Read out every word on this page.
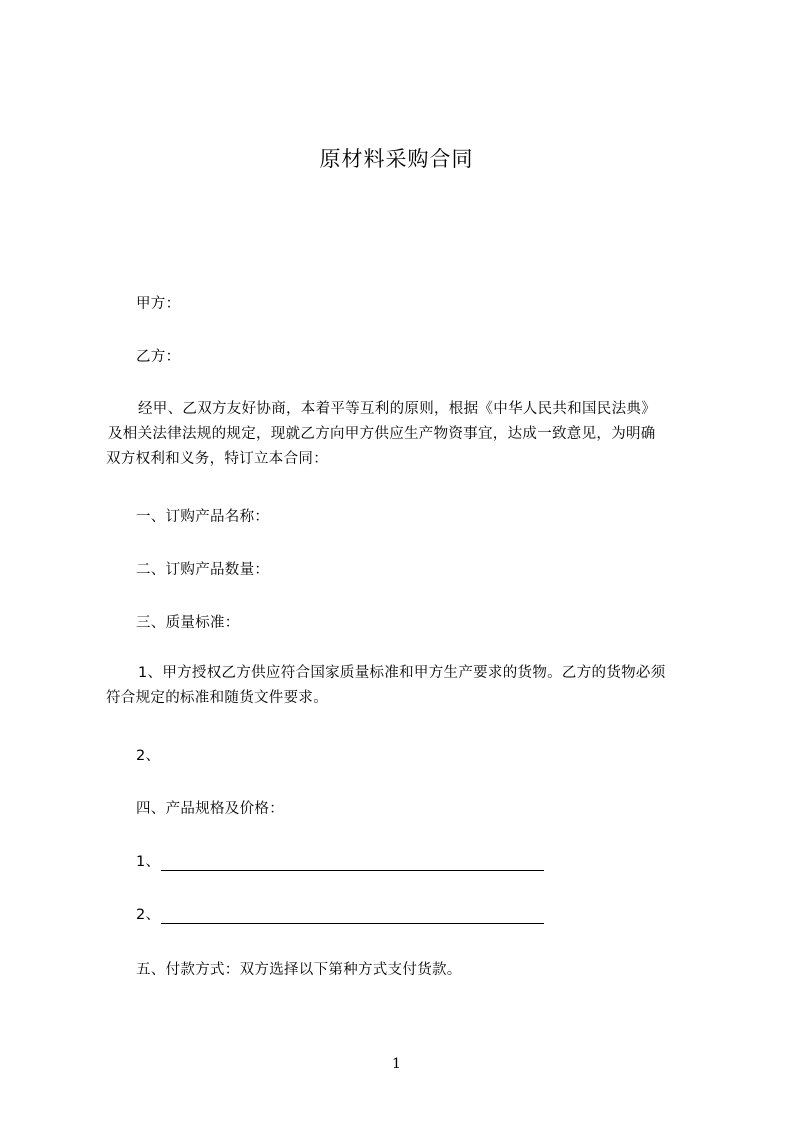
原材料采购合同
甲方：
乙方：
经甲、乙双方友好协商，本着平等互利的原则，根据《中华人民共和国民法典》
及相关法律法规的规定，现就乙方向甲方供应生产物资事宜，达成一致意见，为明确
双方权利和义务，特订立本合同：
一、订购产品名称：
二、订购产品数量：
三、质量标准：
1、甲方授权乙方供应符合国家质量标准和甲方生产要求的货物。乙方的货物必须
符合规定的标准和随货文件要求。
2、
四、产品规格及价格：
1、
2、
五、付款方式：双方选择以下第种方式支付货款。
1
